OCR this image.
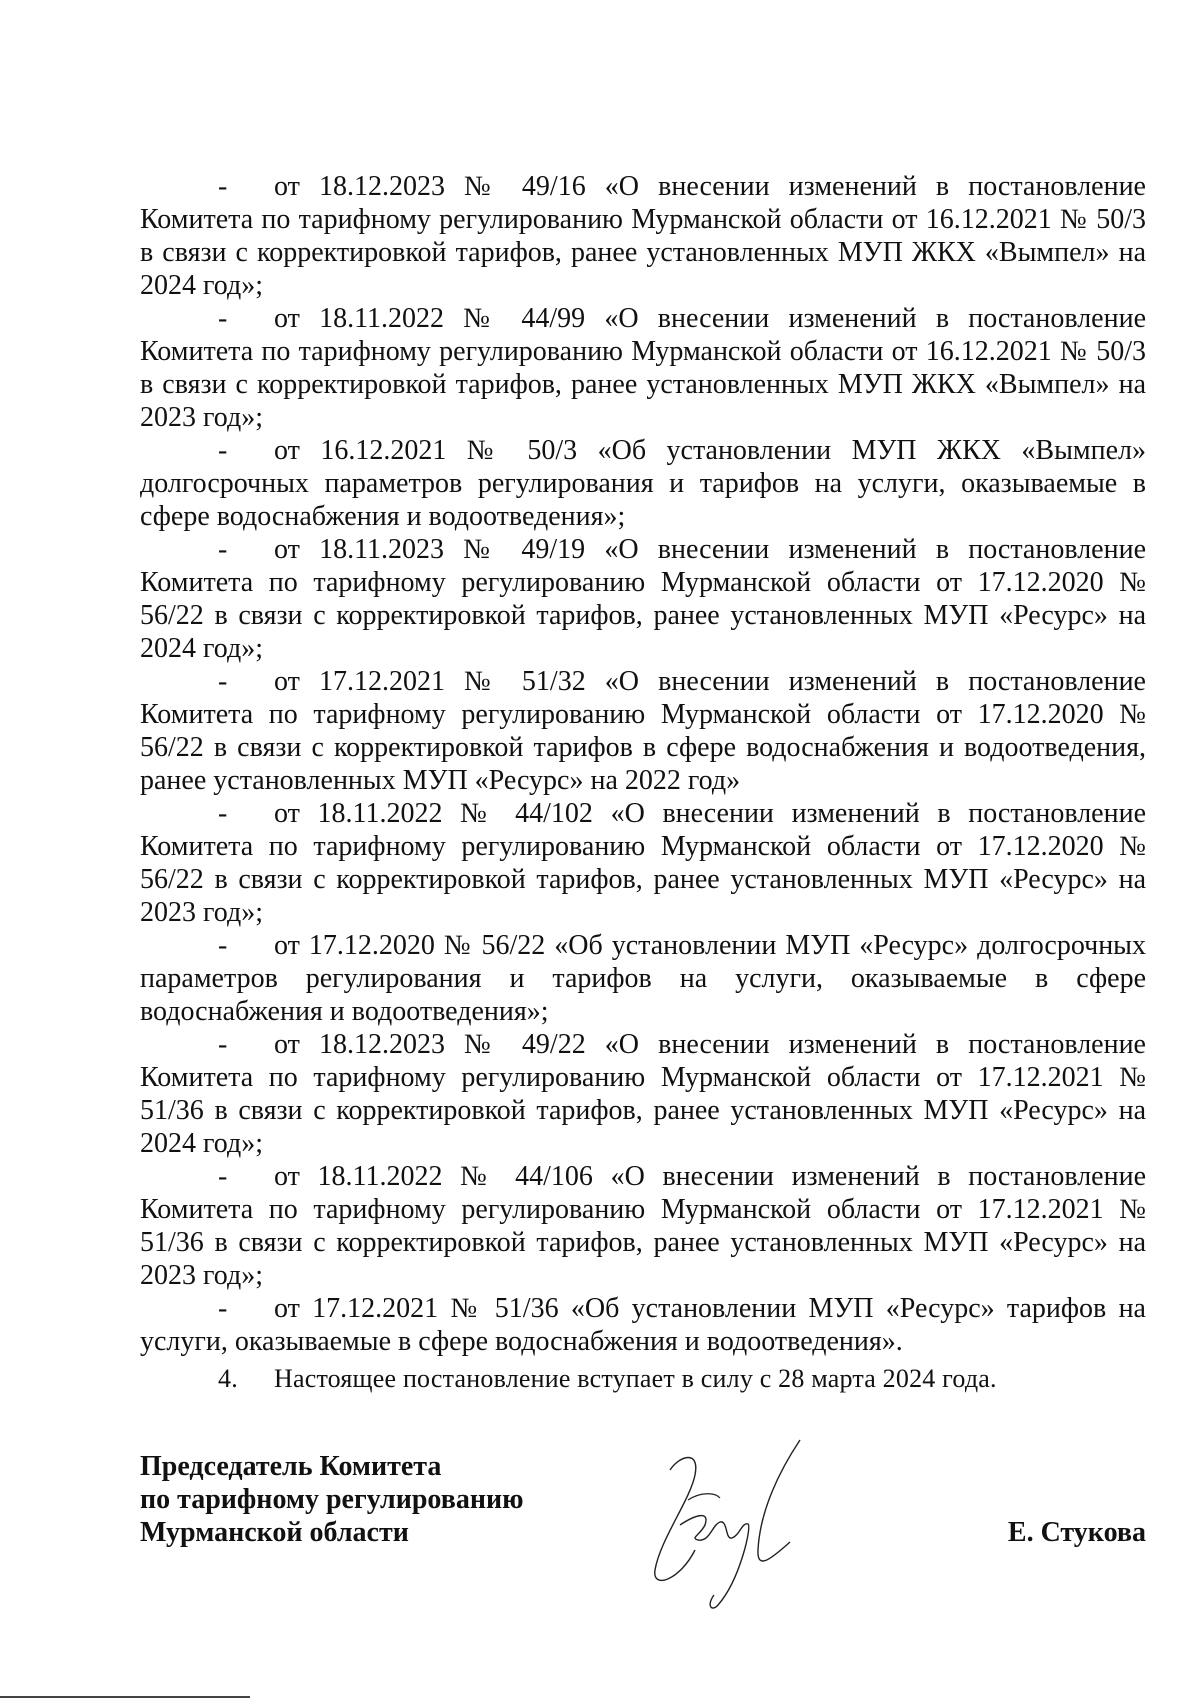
- от 18.12.2023 № 49/16 «О внесении изменений в постановление Комитета по тарифному регулированию Мурманской области от 16.12.2021 № 50/3 в связи с корректировкой тарифов, ранее установленных МУП ЖКХ «Вымпел» на 2024 год»;

- от 18.11.2022 № 44/99 «О внесении изменений в постановление Комитета по тарифному регулированию Мурманской области от 16.12.2021 № 50/3 в связи с корректировкой тарифов, ранее установленных МУП ЖКХ «Вымпел» на 2023 год»;

- от 16.12.2021 № 50/3 «Об установлении МУП ЖКХ «Вымпел» долгосрочных параметров регулирования и тарифов на услуги, оказываемые в сфере водоснабжения и водоотведения»;

- от 18.11.2023 № 49/19 «О внесении изменений в постановление Комитета по тарифному регулированию Мурманской области от 17.12.2020 № 56/22 в связи с корректировкой тарифов, ранее установленных МУП «Ресурс» на 2024 год»;

- от 17.12.2021 № 51/32 «О внесении изменений в постановление Комитета по тарифному регулированию Мурманской области от 17.12.2020 № 56/22 в связи с корректировкой тарифов в сфере водоснабжения и водоотведения, ранее установленных МУП «Ресурс» на 2022 год»

- от 18.11.2022 № 44/102 «О внесении изменений в постановление Комитета по тарифному регулированию Мурманской области от 17.12.2020 № 56/22 в связи с корректировкой тарифов, ранее установленных МУП «Ресурс» на 2023 год»;

- от 17.12.2020 № 56/22 «Об установлении МУП «Ресурс» долгосрочных параметров регулирования и тарифов на услуги, оказываемые в сфере водоснабжения и водоотведения»;

- от 18.12.2023 № 49/22 «О внесении изменений в постановление Комитета по тарифному регулированию Мурманской области от 17.12.2021 № 51/36 в связи с корректировкой тарифов, ранее установленных МУП «Ресурс» на 2024 год»;

- от 18.11.2022 № 44/106 «О внесении изменений в постановление Комитета по тарифному регулированию Мурманской области от 17.12.2021 № 51/36 в связи с корректировкой тарифов, ранее установленных МУП «Ресурс» на 2023 год»;

- от 17.12.2021 № 51/36 «Об установлении МУП «Ресурс» тарифов на услуги, оказываемые в сфере водоснабжения и водоотведения».

4. Настоящее постановление вступает в силу с 28 марта 2024 года.

Председатель Комитета
по тарифному регулированию
Мурманской области	Е. Стукова
